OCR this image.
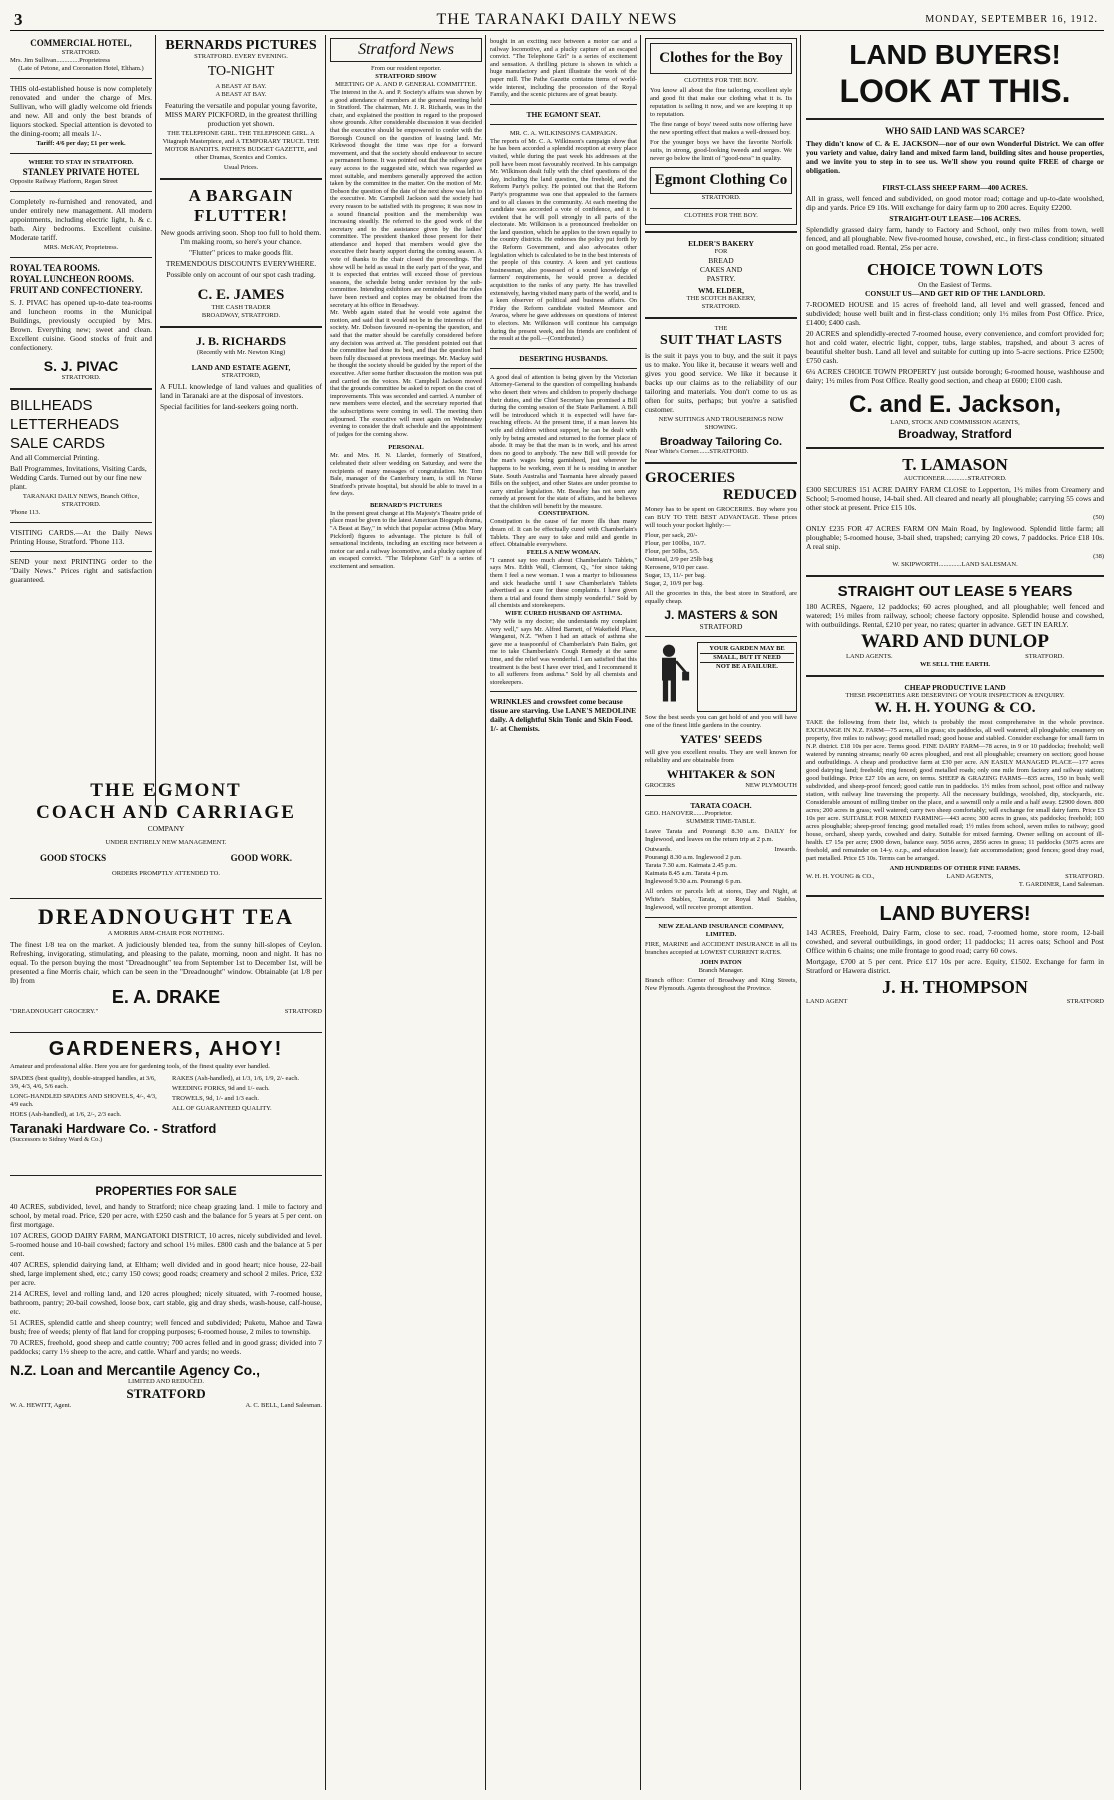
3	THE TARANAKI DAILY NEWS	MONDAY, SEPTEMBER 16, 1912.
COMMERCIAL HOTEL,
STRATFORD.
Mrs. Jim Sullivan..............Proprietress
(Late of Petone, and Coronation Hotel, Eltham.)

THIS old-established house is now completely renovated and under the charge of Mrs. Sullivan, who will gladly welcome old friends and new. All and only the best brands of liquors stocked. Special attention is devoted to the dining-room; all meals 1/-.

Tariff: 4/6 per day; £1 per week.
WHERE TO STAY IN STRATFORD.
STANLEY PRIVATE HOTEL
Opposite Railway Platform, Regan Street

Completely re-furnished and renovated, and under entirely new management. All modern appointments, including electric light, h. & c. bath. Airy bedrooms. Excellent cuisine. Moderate tariff.

MRS. McKAY, Proprietress.
ROYAL TEA ROOMS.
ROYAL LUNCHEON ROOMS.
FRUIT AND CONFECTIONERY.

S. J. PIVAC has opened up-to-date tea-rooms and luncheon rooms in the Municipal Buildings, previously occupied by Mrs. Brown. Everything new; sweet and clean. Excellent cuisine. Good stocks of fruit and confectionery.

S. J. PIVAC
STRATFORD.
BILLHEADS
LETTERHEADS
SALE CARDS
And all Commercial Printing.

Ball Programmes, Invitations, Visiting Cards, Wedding Cards. Turned out by our fine new plant.

TARANAKI DAILY NEWS, Branch Office, STRATFORD.
'Phone 113.

VISITING CARDS.—At the Daily News Printing House, Stratford. 'Phone 113.

SEND your next PRINTING order to the "Daily News." Prices right and satisfaction guaranteed.

BERNARDS PICTURES
STRATFORD. EVERY EVENING.
TO-NIGHT
A BEAST AT BAY.
A BEAST AT BAY.

Featuring the versatile and popular young favorite, MISS MARY PICKFORD, in the greatest thrilling production yet shown.

THE TELEPHONE GIRL. THE TELEPHONE GIRL. A Vitagraph Masterpiece, and A TEMPORARY TRUCE. THE MOTOR BANDITS. PATHE'S BUDGET GAZETTE, and other Dramas, Scenics and Comics.

Usual Prices.
A BARGAIN FLUTTER!

New goods arriving soon. Shop too full to hold them. I'm making room, so here's your chance.

"Flutter" prices to make goods flit.

TREMENDOUS DISCOUNTS EVERYWHERE.

Possible only on account of our spot cash trading.

C. E. JAMES
THE CASH TRADER
BROADWAY, STRATFORD.
J. B. RICHARDS
(Recently with Mr. Newton King)
LAND AND ESTATE AGENT,
STRATFORD,

A FULL knowledge of land values and qualities of land in Taranaki are at the disposal of investors.

Special facilities for land-seekers going north.

THE EGMONT
COACH AND CARRIAGE
COMPANY
UNDER ENTIRELY NEW MANAGEMENT.
GOOD STOCKS	GOOD WORK.
ORDERS PROMPTLY ATTENDED TO.
DREADNOUGHT TEA
A MORRIS ARM-CHAIR FOR NOTHING.

The finest 1/8 tea on the market. A judiciously blended tea, from the sunny hill-slopes of Ceylon. Refreshing, invigorating, stimulating, and pleasing to the palate, morning, noon and night. It has no equal. To the person buying the most "Dreadnought" tea from September 1st to December 1st, will be presented a fine Morris chair, which can be seen in the "Dreadnought" window. Obtainable (at 1/8 per lb) from

E. A. DRAKE
"DREADNOUGHT GROCERY."	STRATFORD
GARDENERS, AHOY!

Amateur and professional alike. Here you are for gardening tools, of the finest quality ever handled.

SPADES (best quality), double-strapped handles, at 3/6, 3/9, 4/3, 4/6, 5/6 each.

LONG-HANDLED SPADES AND SHOVELS, 4/-, 4/3, 4/9 each.

HOES (Ash-handled), at 1/6, 2/-, 2/3 each.

RAKES (Ash-handled), at 1/3, 1/6, 1/9, 2/- each.

WEEDING FORKS, 9d and 1/- each.

TROWELS, 9d, 1/- and 1/3 each.

ALL OF GUARANTEED QUALITY.

Taranaki Hardware Co. - Stratford
(Successors to Sidney Ward & Co.)
PROPERTIES FOR SALE

40 ACRES, subdivided, level, and handy to Stratford; nice cheap grazing land. 1 mile to factory and school, by metal road. Price, £20 per acre, with £250 cash and the balance for 5 years at 5 per cent. on first mortgage.

107 ACRES, GOOD DAIRY FARM, MANGATOKI DISTRICT, 10 acres, nicely subdivided and level. 5-roomed house and 10-bail cowshed; factory and school 1½ miles. £800 cash and the balance at 5 per cent.

407 ACRES, splendid dairying land, at Eltham; well divided and in good heart; nice house, 22-bail shed, large implement shed, etc.; carry 150 cows; good roads; creamery and school 2 miles. Price, £32 per acre.

214 ACRES, level and rolling land, and 120 acres ploughed; nicely situated, with 7-roomed house, bathroom, pantry; 20-bail cowshed, loose box, cart stable, gig and dray sheds, wash-house, calf-house, etc.

51 ACRES, splendid cattle and sheep country; well fenced and subdivided; Puketu, Mahoe and Tawa bush; free of weeds; plenty of flat land for cropping purposes; 6-roomed house, 2 miles to township.

70 ACRES, freehold, good sheep and cattle country; 700 acres felled and in good grass; divided into 7 paddocks; carry 1½ sheep to the acre, and cattle. Wharf and yards; no weeds.

N.Z. Loan and Mercantile Agency Co.,
LIMITED AND REDUCED.
STRATFORD
W. A. HEWITT, Agent.	A. C. BELL, Land Salesman.
Stratford News
From our resident reporter.
STRATFORD SHOW
MEETING OF A. AND P. GENERAL COMMITTEE.

The interest in the A. and P. Society's affairs was shown by a good attendance of members at the general meeting held in Stratford. The chairman, Mr. J. R. Richards, was in the chair, and explained the position in regard to the proposed show grounds. After considerable discussion it was decided that the executive should be empowered to confer with the Borough Council on the question of leasing land. Mr. Kirkwood thought the time was ripe for a forward movement, and that the society should endeavour to secure a permanent home. It was pointed out that the railway gave easy access to the suggested site, which was regarded as most suitable, and members generally approved the action taken by the committee in the matter. On the motion of Mr. Dobson the question of the date of the next show was left to the executive. Mr. Campbell Jackson said the society had every reason to be satisfied with its progress; it was now in a sound financial position and the membership was increasing steadily. He referred to the good work of the secretary and to the assistance given by the ladies' committee. The president thanked those present for their attendance and hoped that members would give the executive their hearty support during the coming season. A vote of thanks to the chair closed the proceedings. The show will be held as usual in the early part of the year, and it is expected that entries will exceed those of previous seasons, the schedule being under revision by the sub-committee. Intending exhibitors are reminded that the rules have been revised and copies may be obtained from the secretary at his office in Broadway.

Mr. Webb again stated that he would vote against the motion, and said that it would not be in the interests of the society. Mr. Dobson favoured re-opening the question, and said that the matter should be carefully considered before any decision was arrived at. The president pointed out that the committee had done its best, and that the question had been fully discussed at previous meetings. Mr. Mackay said he thought the society should be guided by the report of the executive. After some further discussion the motion was put and carried on the voices. Mr. Campbell Jackson moved that the grounds committee be asked to report on the cost of improvements. This was seconded and carried. A number of new members were elected, and the secretary reported that the subscriptions were coming in well. The meeting then adjourned. The executive will meet again on Wednesday evening to consider the draft schedule and the appointment of judges for the coming show.

PERSONAL

Mr. and Mrs. H. N. Llardet, formerly of Stratford, celebrated their silver wedding on Saturday, and were the recipients of many messages of congratulation. Mr. Tom Bale, manager of the Canterbury team, is still in Nurse Stratford's private hospital, but should be able to travel in a few days.

BERNARD'S PICTURES

In the present great change at His Majesty's Theatre pride of place must be given to the latest American Biograph drama, "A Beast at Bay," in which that popular actress (Miss Mary Pickford) figures to advantage. The picture is full of sensational incidents, including an exciting race between a motor car and a railway locomotive, and a plucky capture of an escaped convict. "The Telephone Girl" is a series of excitement and sensation.

bought in an exciting race between a motor car and a railway locomotive, and a plucky capture of an escaped convict. "The Telephone Girl" is a series of excitement and sensation. A thrilling picture is shown in which a huge manufactory and plant illustrate the work of the paper mill. The Pathe Gazette contains items of world-wide interest, including the procession of the Royal Family, and the scenic pictures are of great beauty.

THE EGMONT SEAT.
MR. C. A. WILKINSON'S CAMPAIGN.

The reports of Mr. C. A. Wilkinson's campaign show that he has been accorded a splendid reception at every place visited, while during the past week his addresses at the poll have been most favourably received. In his campaign Mr. Wilkinson dealt fully with the chief questions of the day, including the land question, the freehold, and the Reform Party's policy. He pointed out that the Reform Party's programme was one that appealed to the farmers and to all classes in the community. At each meeting the candidate was accorded a vote of confidence, and it is evident that he will poll strongly in all parts of the electorate. Mr. Wilkinson is a pronounced freeholder on the land question, which he applies to the town equally to the country districts. He endorses the policy put forth by the Reform Government, and also advocates other legislation which is calculated to be in the best interests of the people of this country. A keen and yet cautious businessman, also possessed of a sound knowledge of farmers' requirements, he would prove a decided acquisition to the ranks of any party. He has travelled extensively, having visited many parts of the world, and is a keen observer of political and business affairs. On Friday the Reform candidate visited Mesmoor and Avaroa, where he gave addresses on questions of interest to electors. Mr. Wilkinson will continue his campaign during the present week, and his friends are confident of the result at the poll.—(Contributed.)

DESERTING HUSBANDS.

A good deal of attention is being given by the Victorian Attorney-General to the question of compelling husbands who desert their wives and children to properly discharge their duties, and the Chief Secretary has promised a Bill during the coming session of the State Parliament. A Bill will be introduced which it is expected will have far-reaching effects. At the present time, if a man leaves his wife and children without support, he can be dealt with only by being arrested and returned to the former place of abode. It may be that the man is in work, and his arrest does no good to anybody. The new Bill will provide for the man's wages being garnisheed, just wherever he happens to be working, even if he is residing in another State. South Australia and Tasmania have already passed Bills on the subject, and other States are under promise to carry similar legislation. Mr. Beasley has not seen any remedy at present for the state of affairs, and he believes that the children will benefit by the measure.

CONSTIPATION.

Constipation is the cause of far more ills than many dream of. It can be effectually cured with Chamberlain's Tablets. They are easy to take and mild and gentle in effect. Obtainable everywhere.

FEELS A NEW WOMAN.

"I cannot say too much about Chamberlain's Tablets," says Mrs. Edith Wall, Clermont, Q., "for since taking them I feel a new woman. I was a martyr to biliousness and sick headache until I saw Chamberlain's Tablets advertised as a cure for these complaints. I have given them a trial and found them simply wonderful." Sold by all chemists and storekeepers.

WIFE CURED HUSBAND OF ASTHMA.

"My wife is my doctor; she understands my complaint very well," says Mr. Alfred Barnett, of Wakefield Place, Wanganui, N.Z. "When I had an attack of asthma she gave me a teaspoonful of Chamberlain's Pain Balm, got me to take Chamberlain's Cough Remedy at the same time, and the relief was wonderful. I am satisfied that this treatment is the best I have ever tried, and I recommend it to all sufferers from asthma." Sold by all chemists and storekeepers.

WRINKLES and crowsfeet come because tissue are starving. Use LANE'S MEDOLINE daily. A delightful Skin Tonic and Skin Food. 1/- at Chemists.

Clothes for the Boy
CLOTHES FOR THE BOY.

You know all about the fine tailoring, excellent style and good fit that make our clothing what it is. Its reputation is selling it now, and we are keeping it up to reputation.

The fine range of boys' tweed suits now offering have the new sporting effect that makes a well-dressed boy.

For the younger boys we have the favorite Norfolk suits, in strong, good-looking tweeds and serges. We never go below the limit of "good-ness" in quality.

Egmont Clothing Co
STRATFORD.
CLOTHES FOR THE BOY.
ELDER'S BAKERY
FOR
BREAD
CAKES AND
PASTRY.
WM. ELDER,
THE SCOTCH BAKERY,
STRATFORD.
THE
SUIT THAT LASTS

is the suit it pays you to buy, and the suit it pays us to make. You like it, because it wears well and gives you good service. We like it because it backs up our claims as to the reliability of our tailoring and materials. You don't come to us as often for suits, perhaps; but you're a satisfied customer.

NEW SUITINGS AND TROUSERINGS NOW SHOWING.
Broadway Tailoring Co.
Near White's Corner.......STRATFORD.
GROCERIES
REDUCED

Money has to be spent on GROCERIES. Buy where you can BUY TO THE BEST ADVANTAGE. These prices will touch your pocket lightly:—

Flour, per sack, 20/-
Flour, per 100lbs, 10/7.
Flour, per 50lbs, 5/5.
Oatmeal, 2/9 per 25lb bag
Kerosene, 9/10 per case.
Sugar, 13, 11/- per bag.
Sugar, 2, 10/9 per bag.

All the groceries in this, the best store in Stratford, are equally cheap.

J. MASTERS & SON
STRATFORD
YOUR GARDEN MAY BE
SMALL, BUT IT NEED
NOT BE A FAILURE.

Sow the best seeds you can get hold of and you will have one of the finest little gardens in the country.

YATES' SEEDS

will give you excellent results. They are well known for reliability and are obtainable from

WHITAKER & SON
GROCERS	NEW PLYMOUTH
TARATA COACH.
GEO. HANOVER.......Proprietor.
SUMMER TIME-TABLE.

Leave Tarata and Pourangi 8.30 a.m. DAILY for Inglewood, and leaves on the return trip at 2 p.m.

Outwards.	Inwards.
Pourangi 8.30 a.m. Inglewood 2 p.m.
Tarata 7.30 a.m. Kaimata 2.45 p.m.
Kaimata 8.45 a.m. Tarata 4 p.m.
Inglewood 9.30 a.m. Pourangi 6 p.m.

All orders or parcels left at stores, Day and Night, at White's Stables, Tarata, or Royal Mail Stables, Inglewood, will receive prompt attention.

NEW ZEALAND INSURANCE COMPANY, LIMITED.

FIRE, MARINE and ACCIDENT INSURANCE in all its branches accepted at LOWEST CURRENT RATES.

JOHN PATON
Branch Manager.

Branch office: Corner of Broadway and King Streets, New Plymouth. Agents throughout the Province.

LAND BUYERS!
LOOK AT THIS.
WHO SAID LAND WAS SCARCE?

They didn't know of C. & E. JACKSON—nor of our own Wonderful District. We can offer you variety and value, dairy land and mixed farm land, building sites and house properties, and we invite you to step in to see us. We'll show you round quite FREE of charge or obligation.

FIRST-CLASS SHEEP FARM—400 ACRES.

All in grass, well fenced and subdivided, on good motor road; cottage and up-to-date woolshed, dip and yards. Price £9 10s. Will exchange for dairy farm up to 200 acres. Equity £2200.

STRAIGHT-OUT LEASE—106 ACRES.

Splendidly grassed dairy farm, handy to Factory and School, only two miles from town, well fenced, and all ploughable. New five-roomed house, cowshed, etc., in first-class condition; situated on good metalled road. Rental, 25s per acre.

CHOICE TOWN LOTS
On the Easiest of Terms.
CONSULT US—AND GET RID OF THE LANDLORD.

7-ROOMED HOUSE and 15 acres of freehold land, all level and well grassed, fenced and subdivided; house well built and in first-class condition; only 1½ miles from Post Office. Price, £1400; £400 cash.

20 ACRES and splendidly-erected 7-roomed house, every convenience, and comfort provided for; hot and cold water, electric light, copper, tubs, large stables, trapshed, and about 3 acres of beautiful shelter bush. Land all level and suitable for cutting up into 5-acre sections. Price £2500; £750 cash.

6¼ ACRES CHOICE TOWN PROPERTY just outside borough; 6-roomed house, washhouse and dairy; 1½ miles from Post Office. Really good section, and cheap at £600; £100 cash.

C. and E. Jackson,
LAND, STOCK AND COMMISSION AGENTS,
Broadway, Stratford
T. LAMASON
AUCTIONEER..............STRATFORD.

£300 SECURES 151 ACRE DAIRY FARM CLOSE to Lepperton, 1½ miles from Creamery and School; 5-roomed house, 14-bail shed. All cleared and nearly all ploughable; carrying 55 cows and other stock at present. Price £15 10s.

(50)

ONLY £235 FOR 47 ACRES FARM ON Main Road, by Inglewood. Splendid little farm; all ploughable; 5-roomed house, 3-bail shed, trapshed; carrying 20 cows, 7 paddocks. Price £18 10s. A real snip.

(38)
W. SKIPWORTH..............LAND SALESMAN.
STRAIGHT OUT LEASE 5 YEARS

180 ACRES, Ngaere, 12 paddocks; 60 acres ploughed, and all ploughable; well fenced and watered; 1½ miles from railway, school; cheese factory opposite. Splendid house and cowshed, with outbuildings. Rental, £210 per year, no rates; quarter in advance. GET IN EARLY.

WARD AND DUNLOP
LAND AGENTS.	STRATFORD.
WE SELL THE EARTH.
CHEAP PRODUCTIVE LAND
THESE PROPERTIES ARE DESERVING OF YOUR INSPECTION & ENQUIRY.
W. H. H. YOUNG & CO.

TAKE the following from their list, which is probably the most comprehensive in the whole province. EXCHANGE IN N.Z. FARM—75 acres, all in grass; six paddocks, all well watered; all ploughable; creamery on property, five miles to railway; good metalled road; good house and stabled. Consider exchange for small farm in N.P. district. £18 10s per acre. Terms good. FINE DAIRY FARM—78 acres, in 9 or 10 paddocks; freehold; well watered by running streams; nearly 60 acres ploughed, and rest all ploughable; creamery on section; good house and outbuildings. A cheap and productive farm at £30 per acre. AN EASILY MANAGED PLACE—177 acres good dairying land; freehold; ring fenced; good metalled roads; only one mile from factory and railway station; good buildings. Price £27 10s an acre, on terms. SHEEP & GRAZING FARMS—835 acres, 150 in bush; well subdivided, and sheep-proof fenced; good cattle run in paddocks. 1½ miles from school, post office and railway station, with railway line traversing the property. All the necessary buildings, woolshed, dip, stockyards, etc. Considerable amount of milling timber on the place, and a sawmill only a mile and a half away. £2900 down. 800 acres; 200 acres in grass; well watered; carry two sheep comfortably; will exchange for small dairy farm. Price £3 10s per acre. SUITABLE FOR MIXED FARMING—443 acres; 300 acres in grass, six paddocks; freehold; 100 acres ploughable; sheep-proof fencing; good metalled road; 1½ miles from school, seven miles to railway; good house, orchard, sheep yards, cowshed and dairy. Suitable for mixed farming. Owner selling on account of ill-health. £7 15s per acre; £900 down, balance easy. 5056 acres, 2856 acres in grass; 11 paddocks (3075 acres are freehold, and remainder on 14-y. o.r.p., and education lease); fair accommodation; good fences; good dray road, part metalled. Price £5 10s. Terms can be arranged.

AND HUNDREDS OF OTHER FINE FARMS.
W. H. H. YOUNG & CO.,	LAND AGENTS,	STRATFORD.
T. GARDINER, Land Salesman.
LAND BUYERS!

143 ACRES, Freehold, Dairy Farm, close to sec. road, 7-roomed home, store room, 12-bail cowshed, and several outbuildings, in good order; 11 paddocks; 11 acres oats; School and Post Office within 6 chains; one mile frontage to good road; carry 60 cows.

Mortgage, £700 at 5 per cent. Price £17 10s per acre. Equity, £1502. Exchange for farm in Stratford or Hawera district.

J. H. THOMPSON
LAND AGENT	STRATFORD
